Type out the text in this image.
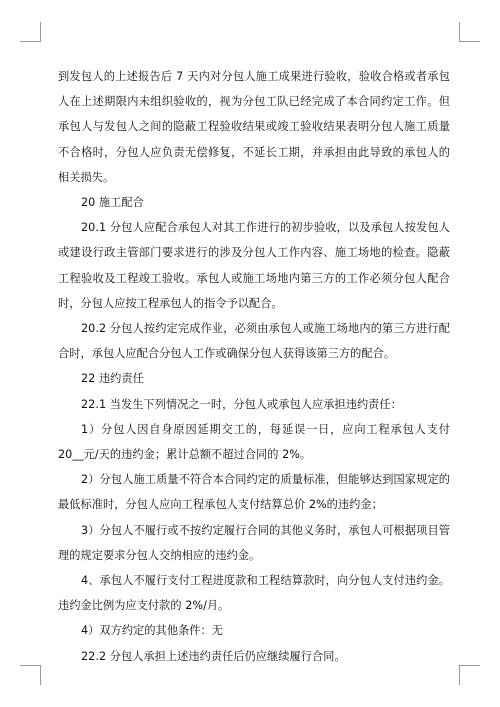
到发包人的上述报告后 7 天内对分包人施工成果进行验收，验收合格或者承包人在上述期限内未组织验收的，视为分包工队已经完成了本合同约定工作。但承包人与发包人之间的隐蔽工程验收结果或竣工验收结果表明分包人施工质量不合格时，分包人应负责无偿修复，不延长工期，并承担由此导致的承包人的相关损失。

20 施工配合

20.1 分包人应配合承包人对其工作进行的初步验收，以及承包人按发包人或建设行政主管部门要求进行的涉及分包人工作内容、施工场地的检查。隐蔽工程验收及工程竣工验收。承包人或施工场地内第三方的工作必须分包人配合时，分包人应按工程承包人的指令予以配合。

20.2 分包人按约定完成作业，必须由承包人或施工场地内的第三方进行配合时，承包人应配合分包人工作或确保分包人获得该第三方的配合。

22 违约责任

22.1 当发生下列情况之一时，分包人或承包人应承担违约责任：

1）分包人因自身原因延期交工的，每延误一日，应向工程承包人支付 20__元/天的违约金；累计总额不超过合同的 2%。

2）分包人施工质量不符合本合同约定的质量标准，但能够达到国家规定的最低标准时，分包人应向工程承包人支付结算总价 2%的违约金；

3）分包人不履行或不按约定履行合同的其他义务时，承包人可根据项目管理的规定要求分包人交纳相应的违约金。

4、承包人不履行支付工程进度款和工程结算款时，向分包人支付违约金。违约金比例为应支付款的 2%/月。

4）双方约定的其他条件：无

22.2 分包人承担上述违约责任后仍应继续履行合同。
